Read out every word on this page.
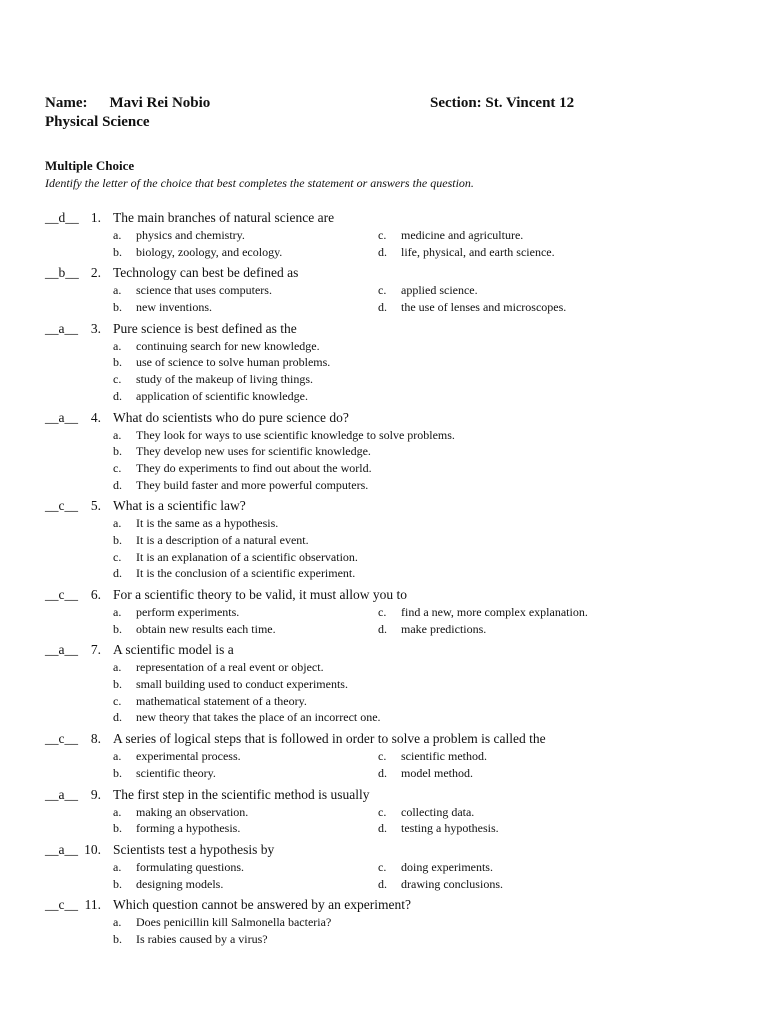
Name: Mavi Rei Nobio	Section: St. Vincent 12
Physical Science
Multiple Choice
Identify the letter of the choice that best completes the statement or answers the question.
__d__ 1. The main branches of natural science are
a. physics and chemistry.	c. medicine and agriculture.
b. biology, zoology, and ecology.	d. life, physical, and earth science.
__b__ 2. Technology can best be defined as
a. science that uses computers.	c. applied science.
b. new inventions.	d. the use of lenses and microscopes.
__a__ 3. Pure science is best defined as the
a. continuing search for new knowledge.
b. use of science to solve human problems.
c. study of the makeup of living things.
d. application of scientific knowledge.
__a__ 4. What do scientists who do pure science do?
a. They look for ways to use scientific knowledge to solve problems.
b. They develop new uses for scientific knowledge.
c. They do experiments to find out about the world.
d. They build faster and more powerful computers.
__c__ 5. What is a scientific law?
a. It is the same as a hypothesis.
b. It is a description of a natural event.
c. It is an explanation of a scientific observation.
d. It is the conclusion of a scientific experiment.
__c__ 6. For a scientific theory to be valid, it must allow you to
a. perform experiments.	c. find a new, more complex explanation.
b. obtain new results each time.	d. make predictions.
__a__ 7. A scientific model is a
a. representation of a real event or object.
b. small building used to conduct experiments.
c. mathematical statement of a theory.
d. new theory that takes the place of an incorrect one.
__c__ 8. A series of logical steps that is followed in order to solve a problem is called the
a. experimental process.	c. scientific method.
b. scientific theory.	d. model method.
__a__ 9. The first step in the scientific method is usually
a. making an observation.	c. collecting data.
b. forming a hypothesis.	d. testing a hypothesis.
__a__ 10. Scientists test a hypothesis by
a. formulating questions.	c. doing experiments.
b. designing models.	d. drawing conclusions.
__c__ 11. Which question cannot be answered by an experiment?
a. Does penicillin kill Salmonella bacteria?
b. Is rabies caused by a virus?
